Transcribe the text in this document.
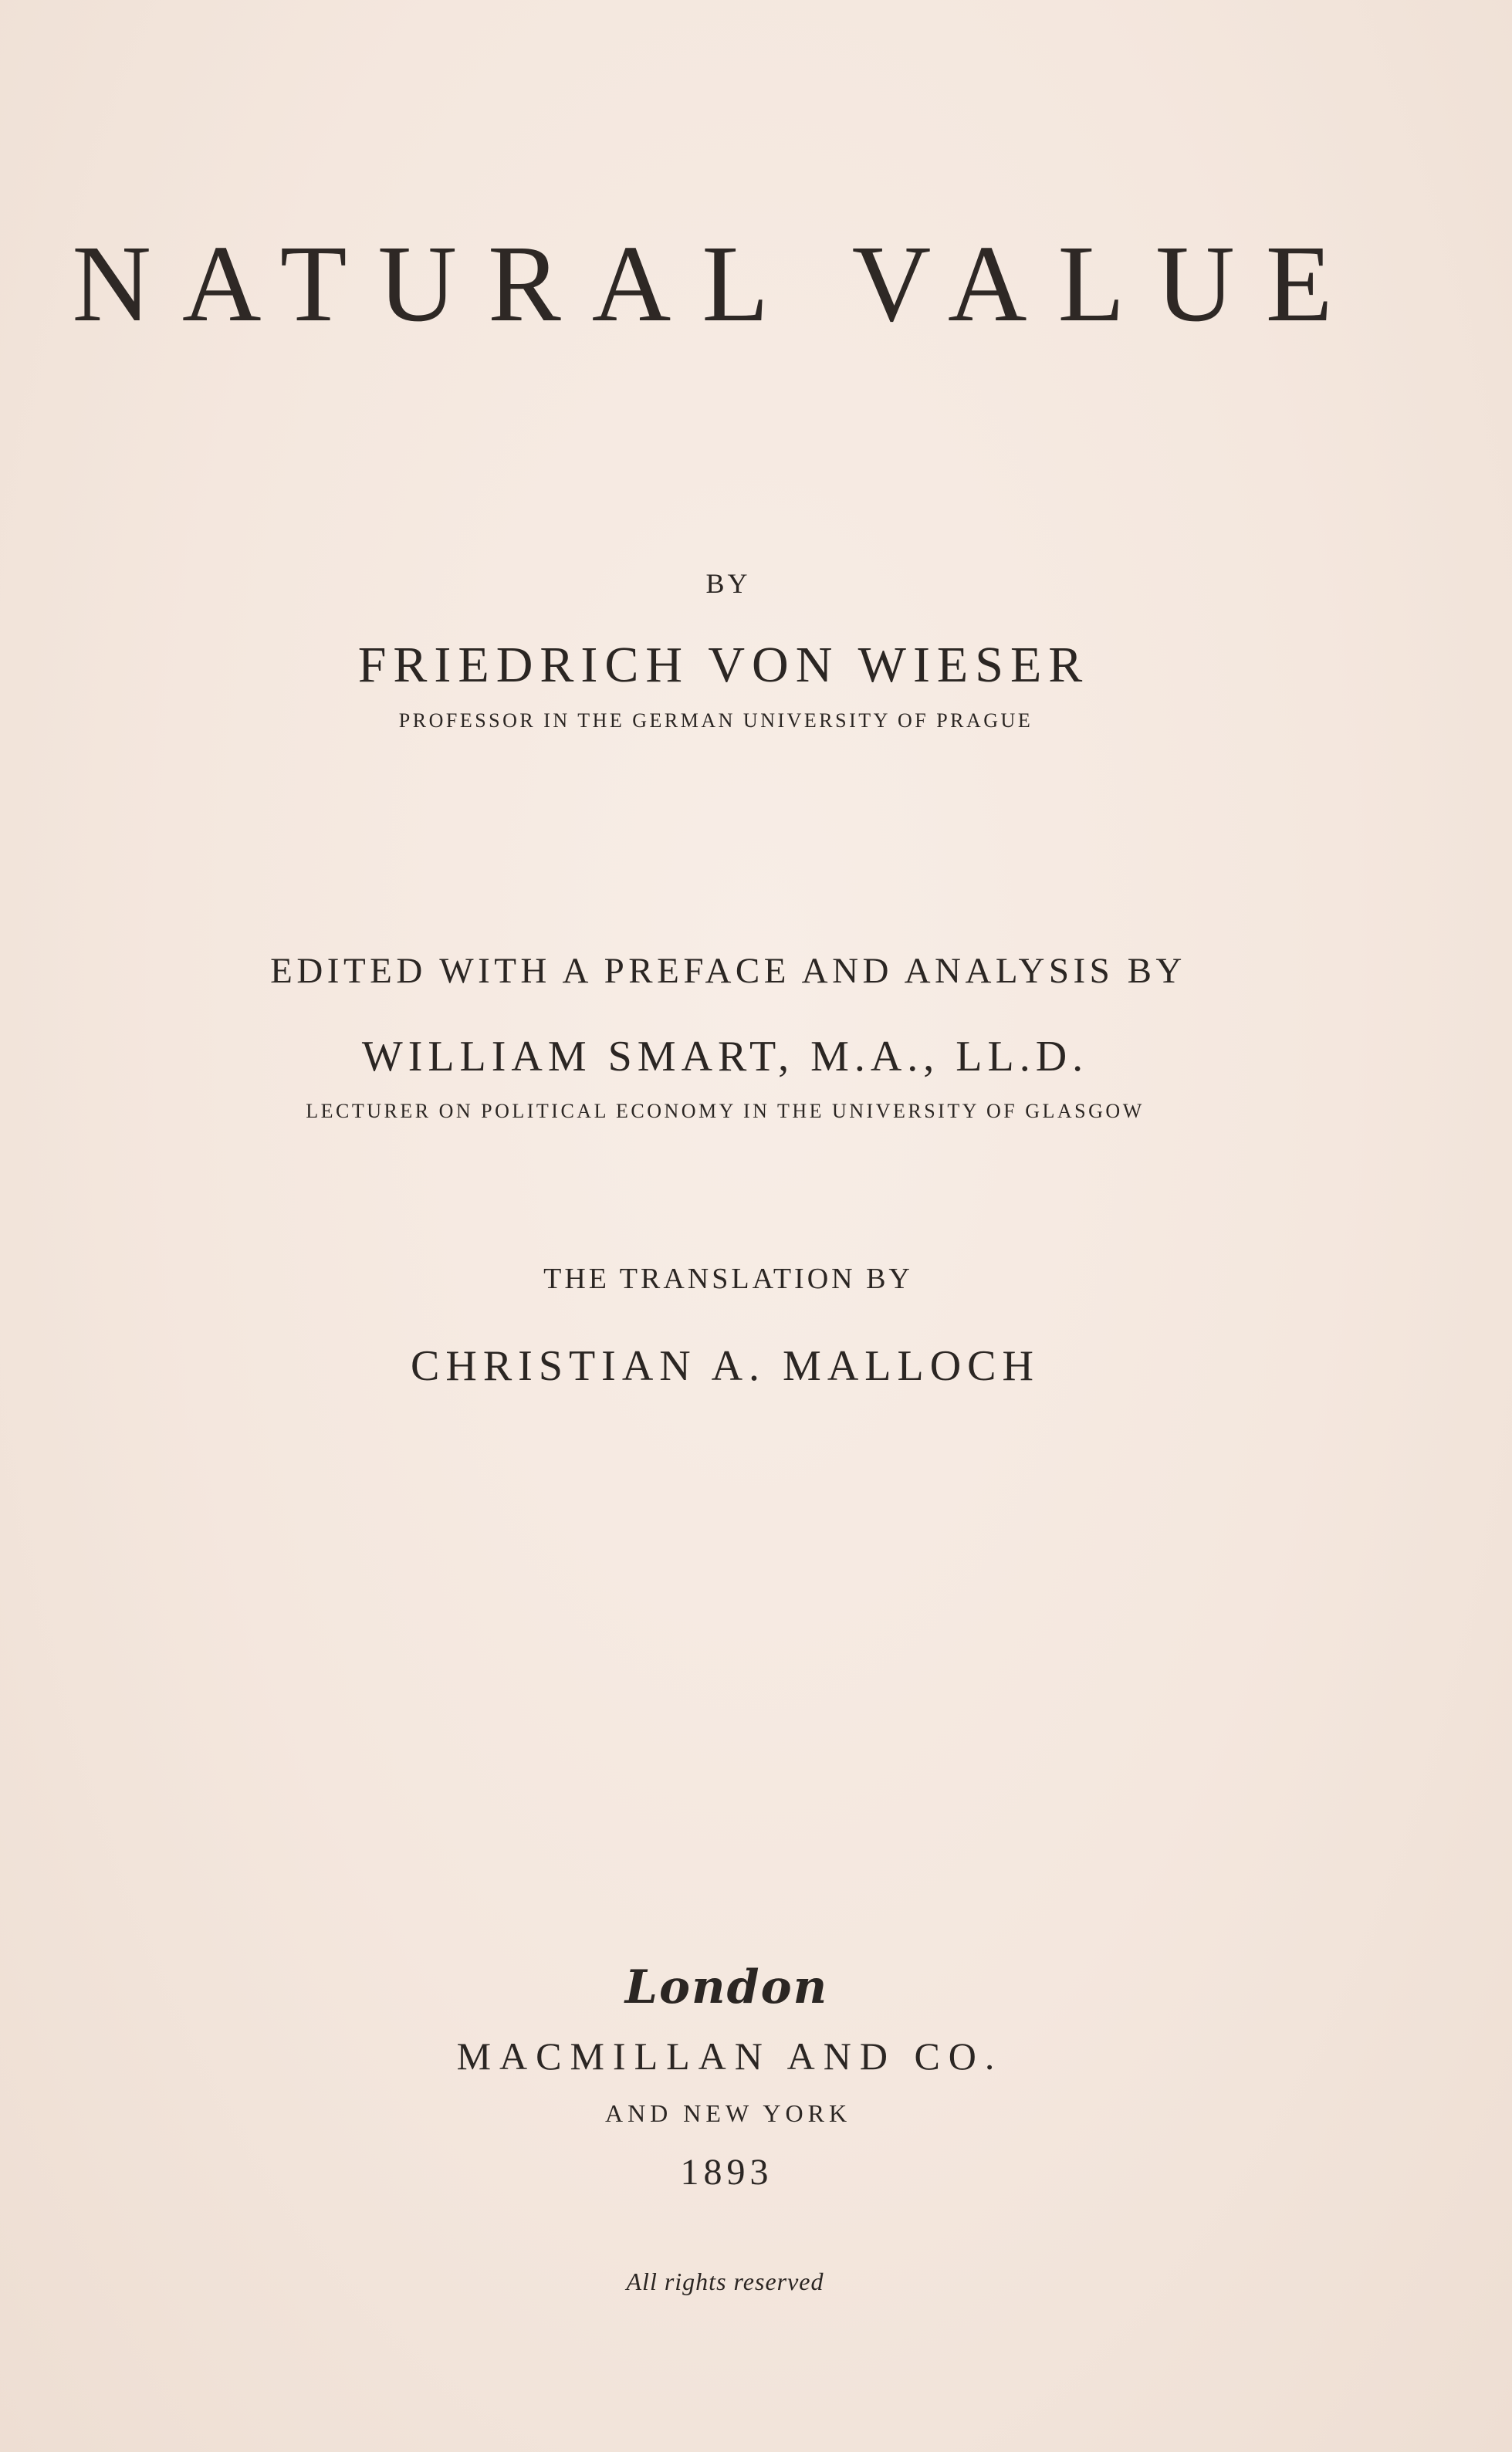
NATURAL VALUE
BY
FRIEDRICH VON WIESER
PROFESSOR IN THE GERMAN UNIVERSITY OF PRAGUE
EDITED WITH A PREFACE AND ANALYSIS BY
WILLIAM SMART, M.A., LL.D.
LECTURER ON POLITICAL ECONOMY IN THE UNIVERSITY OF GLASGOW
THE TRANSLATION BY
CHRISTIAN A. MALLOCH
London
MACMILLAN AND CO.
AND NEW YORK
1893
All rights reserved
